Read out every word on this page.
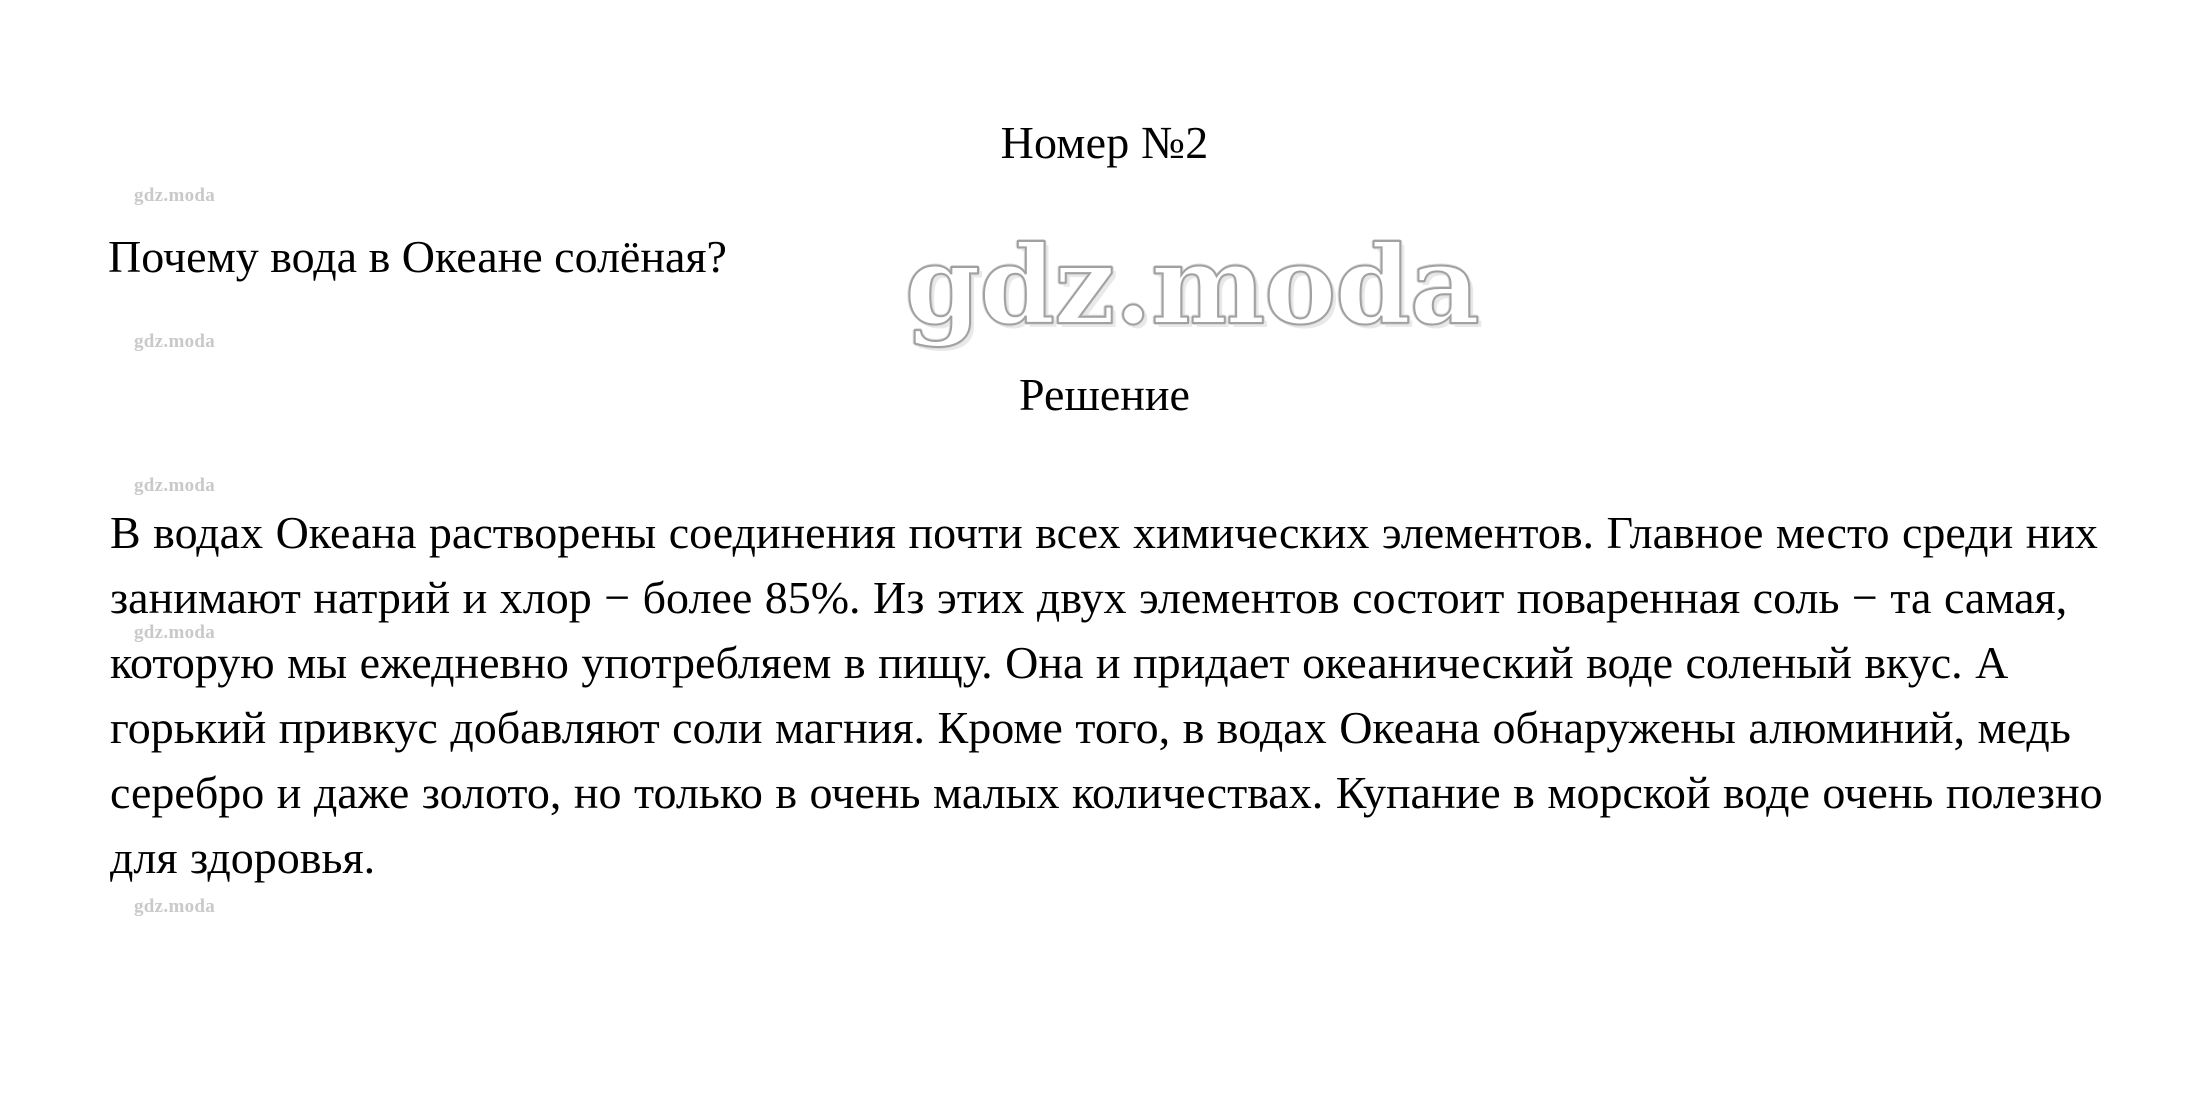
Номер №2
Почему вода в Океане солёная?
Решение

В водах Океана растворены соединения почти всех химических элементов. Главное место среди них занимают натрий и хлор − более 85%. Из этих двух элементов состоит поваренная соль − та самая, которую мы ежедневно употребляем в пищу. Она и придает океанический воде соленый вкус. А горький привкус добавляют соли магния. Кроме того, в водах Океана обнаружены алюминий, медь серебро и даже золото, но только в очень малых количествах. Купание в морской воде очень полезно для здоровья.

gdz.moda
gdz.moda
gdz.moda
gdz.moda
gdz.moda
gdz.moda
